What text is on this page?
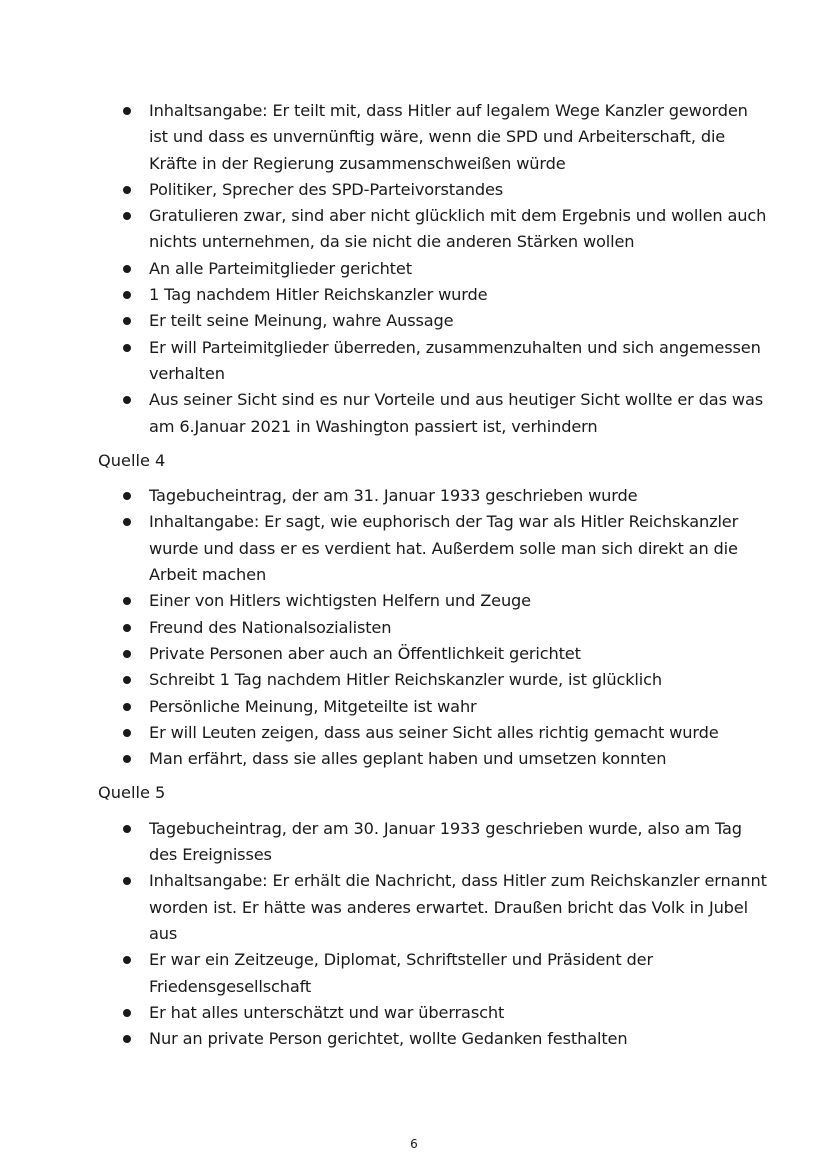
Inhaltsangabe: Er teilt mit, dass Hitler auf legalem Wege Kanzler geworden ist und dass es unvernünftig wäre, wenn die SPD und Arbeiterschaft, die Kräfte in der Regierung zusammenschweißen würde
Politiker, Sprecher des SPD-Parteivorstandes
Gratulieren zwar, sind aber nicht glücklich mit dem Ergebnis und wollen auch nichts unternehmen, da sie nicht die anderen Stärken wollen
An alle Parteimitglieder gerichtet
1 Tag nachdem Hitler Reichskanzler wurde
Er teilt seine Meinung, wahre Aussage
Er will Parteimitglieder überreden, zusammenzuhalten und sich angemessen verhalten
Aus seiner Sicht sind es nur Vorteile und aus heutiger Sicht wollte er das was am 6.Januar 2021 in Washington passiert ist, verhindern
Quelle 4
Tagebucheintrag, der am 31. Januar 1933 geschrieben wurde
Inhaltangabe: Er sagt, wie euphorisch der Tag war als Hitler Reichskanzler wurde und dass er es verdient hat. Außerdem solle man sich direkt an die Arbeit machen
Einer von Hitlers wichtigsten Helfern und Zeuge
Freund des Nationalsozialisten
Private Personen aber auch an Öffentlichkeit gerichtet
Schreibt 1 Tag nachdem Hitler Reichskanzler wurde, ist glücklich
Persönliche Meinung, Mitgeteilte ist wahr
Er will Leuten zeigen, dass aus seiner Sicht alles richtig gemacht wurde
Man erfährt, dass sie alles geplant haben und umsetzen konnten
Quelle 5
Tagebucheintrag, der am 30. Januar 1933 geschrieben wurde, also am Tag des Ereignisses
Inhaltsangabe: Er erhält die Nachricht, dass Hitler zum Reichskanzler ernannt worden ist. Er hätte was anderes erwartet. Draußen bricht das Volk in Jubel aus
Er war ein Zeitzeuge, Diplomat, Schriftsteller und Präsident der Friedensgesellschaft
Er hat alles unterschätzt und war überrascht
Nur an private Person gerichtet, wollte Gedanken festhalten
6
